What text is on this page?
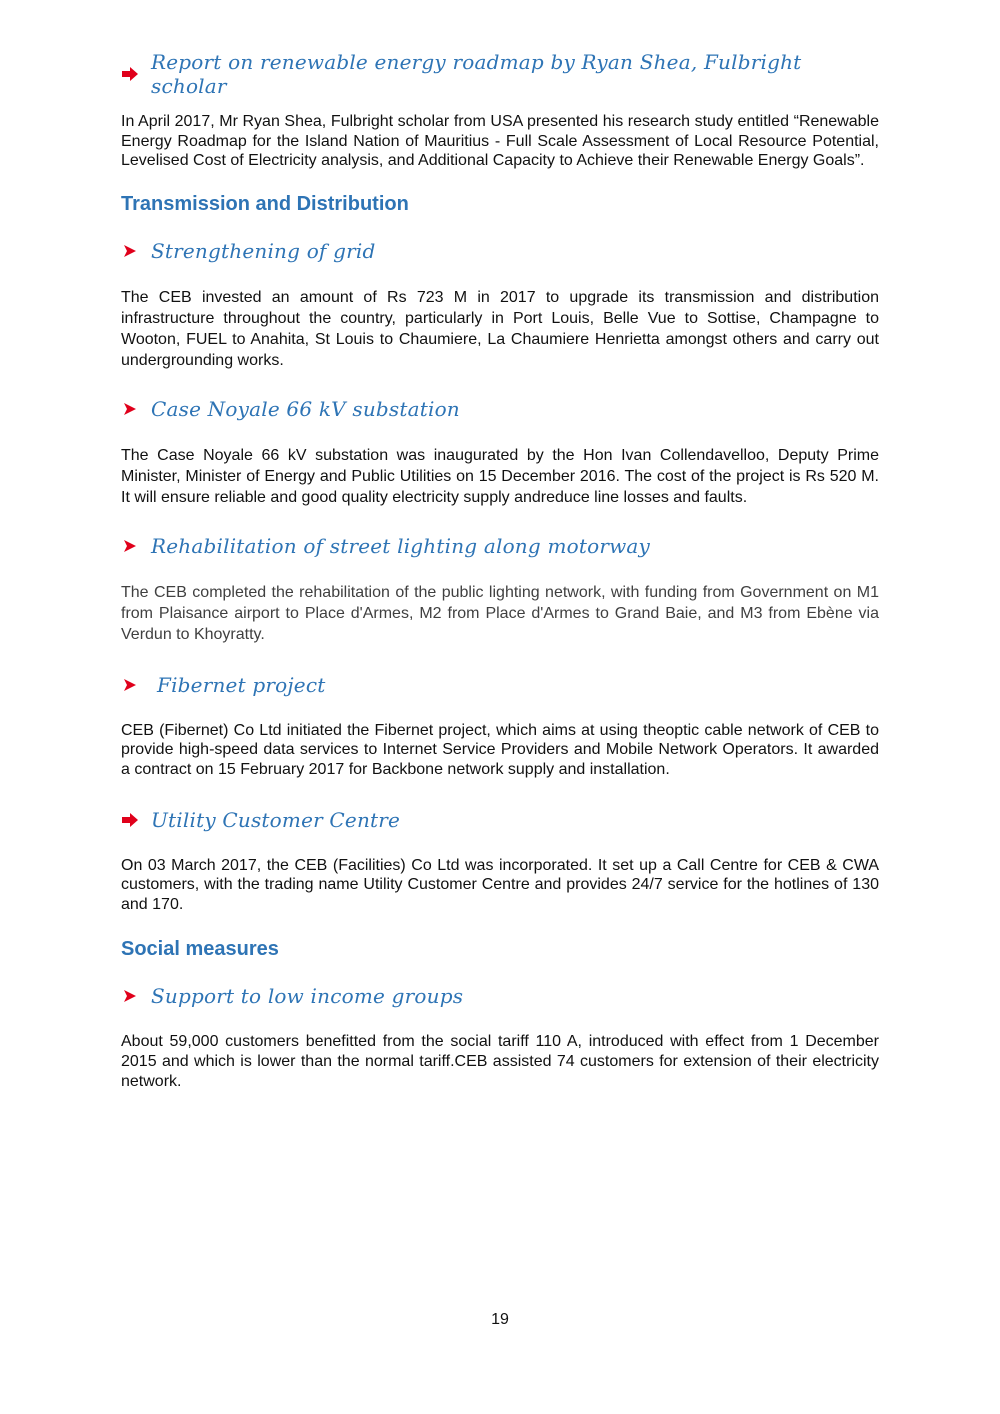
Report on renewable energy roadmap by Ryan Shea, Fulbright scholar

In April 2017, Mr Ryan Shea, Fulbright scholar from USA presented his research study entitled “Renewable Energy Roadmap for the Island Nation of Mauritius - Full Scale Assessment of Local Resource Potential, Levelised Cost of Electricity analysis, and Additional Capacity to Achieve their Renewable Energy Goals”.

Transmission and Distribution
Strengthening of grid

The CEB invested an amount of Rs 723 M in 2017 to upgrade its transmission and distribution infrastructure throughout the country, particularly in Port Louis, Belle Vue to Sottise, Champagne to Wooton, FUEL to Anahita, St Louis to Chaumiere, La Chaumiere Henrietta amongst others and carry out undergrounding works.

Case Noyale 66 kV substation

The Case Noyale 66 kV substation was inaugurated by the Hon Ivan Collendavelloo, Deputy Prime Minister, Minister of Energy and Public Utilities on 15 December 2016. The cost of the project is Rs 520 M. It will ensure reliable and good quality electricity supply andreduce line losses and faults.

Rehabilitation of street lighting along motorway

The CEB completed the rehabilitation of the public lighting network, with funding from Government on M1 from Plaisance airport to Place d'Armes, M2 from Place d'Armes to Grand Baie, and M3 from Ebène via Verdun to Khoyratty.

Fibernet project

CEB (Fibernet) Co Ltd initiated the Fibernet project, which aims at using theoptic cable network of CEB to provide high-speed data services to Internet Service Providers and Mobile Network Operators. It awarded a contract on 15 February 2017 for Backbone network supply and installation.

Utility Customer Centre

On 03 March 2017, the CEB (Facilities) Co Ltd was incorporated. It set up a Call Centre for CEB & CWA customers, with the trading name Utility Customer Centre and provides 24/7 service for the hotlines of 130 and 170.

Social measures
Support to low income groups

About 59,000 customers benefitted from the social tariff 110 A, introduced with effect from 1 December 2015 and which is lower than the normal tariff.CEB assisted 74 customers for extension of their electricity network.

19
